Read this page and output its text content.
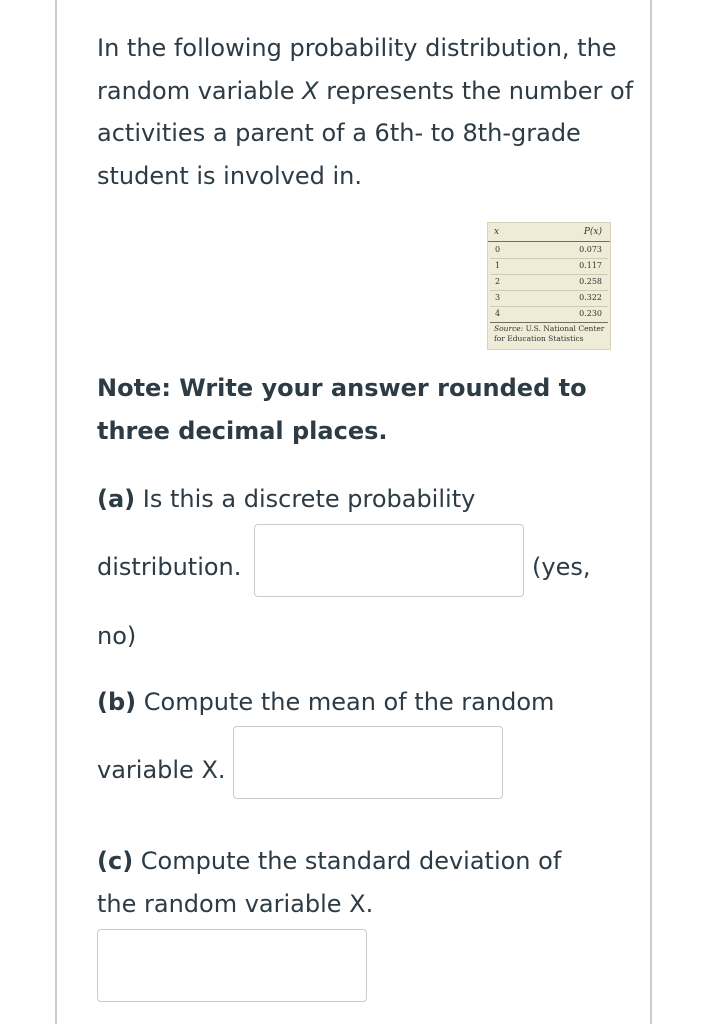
In the following probability distribution, the random variable X represents the number of activities a parent of a 6th- to 8th-grade student is involved in.
x	P(x)
0	0.073
1	0.117
2	0.258
3	0.322
4	0.230
Source: U.S. National Center for Education Statistics
Note: Write your answer rounded to three decimal places.
(a) Is this a discrete probability
distribution.	(yes,
no)
(b) Compute the mean of the random
variable X.
(c) Compute the standard deviation of
the random variable X.
